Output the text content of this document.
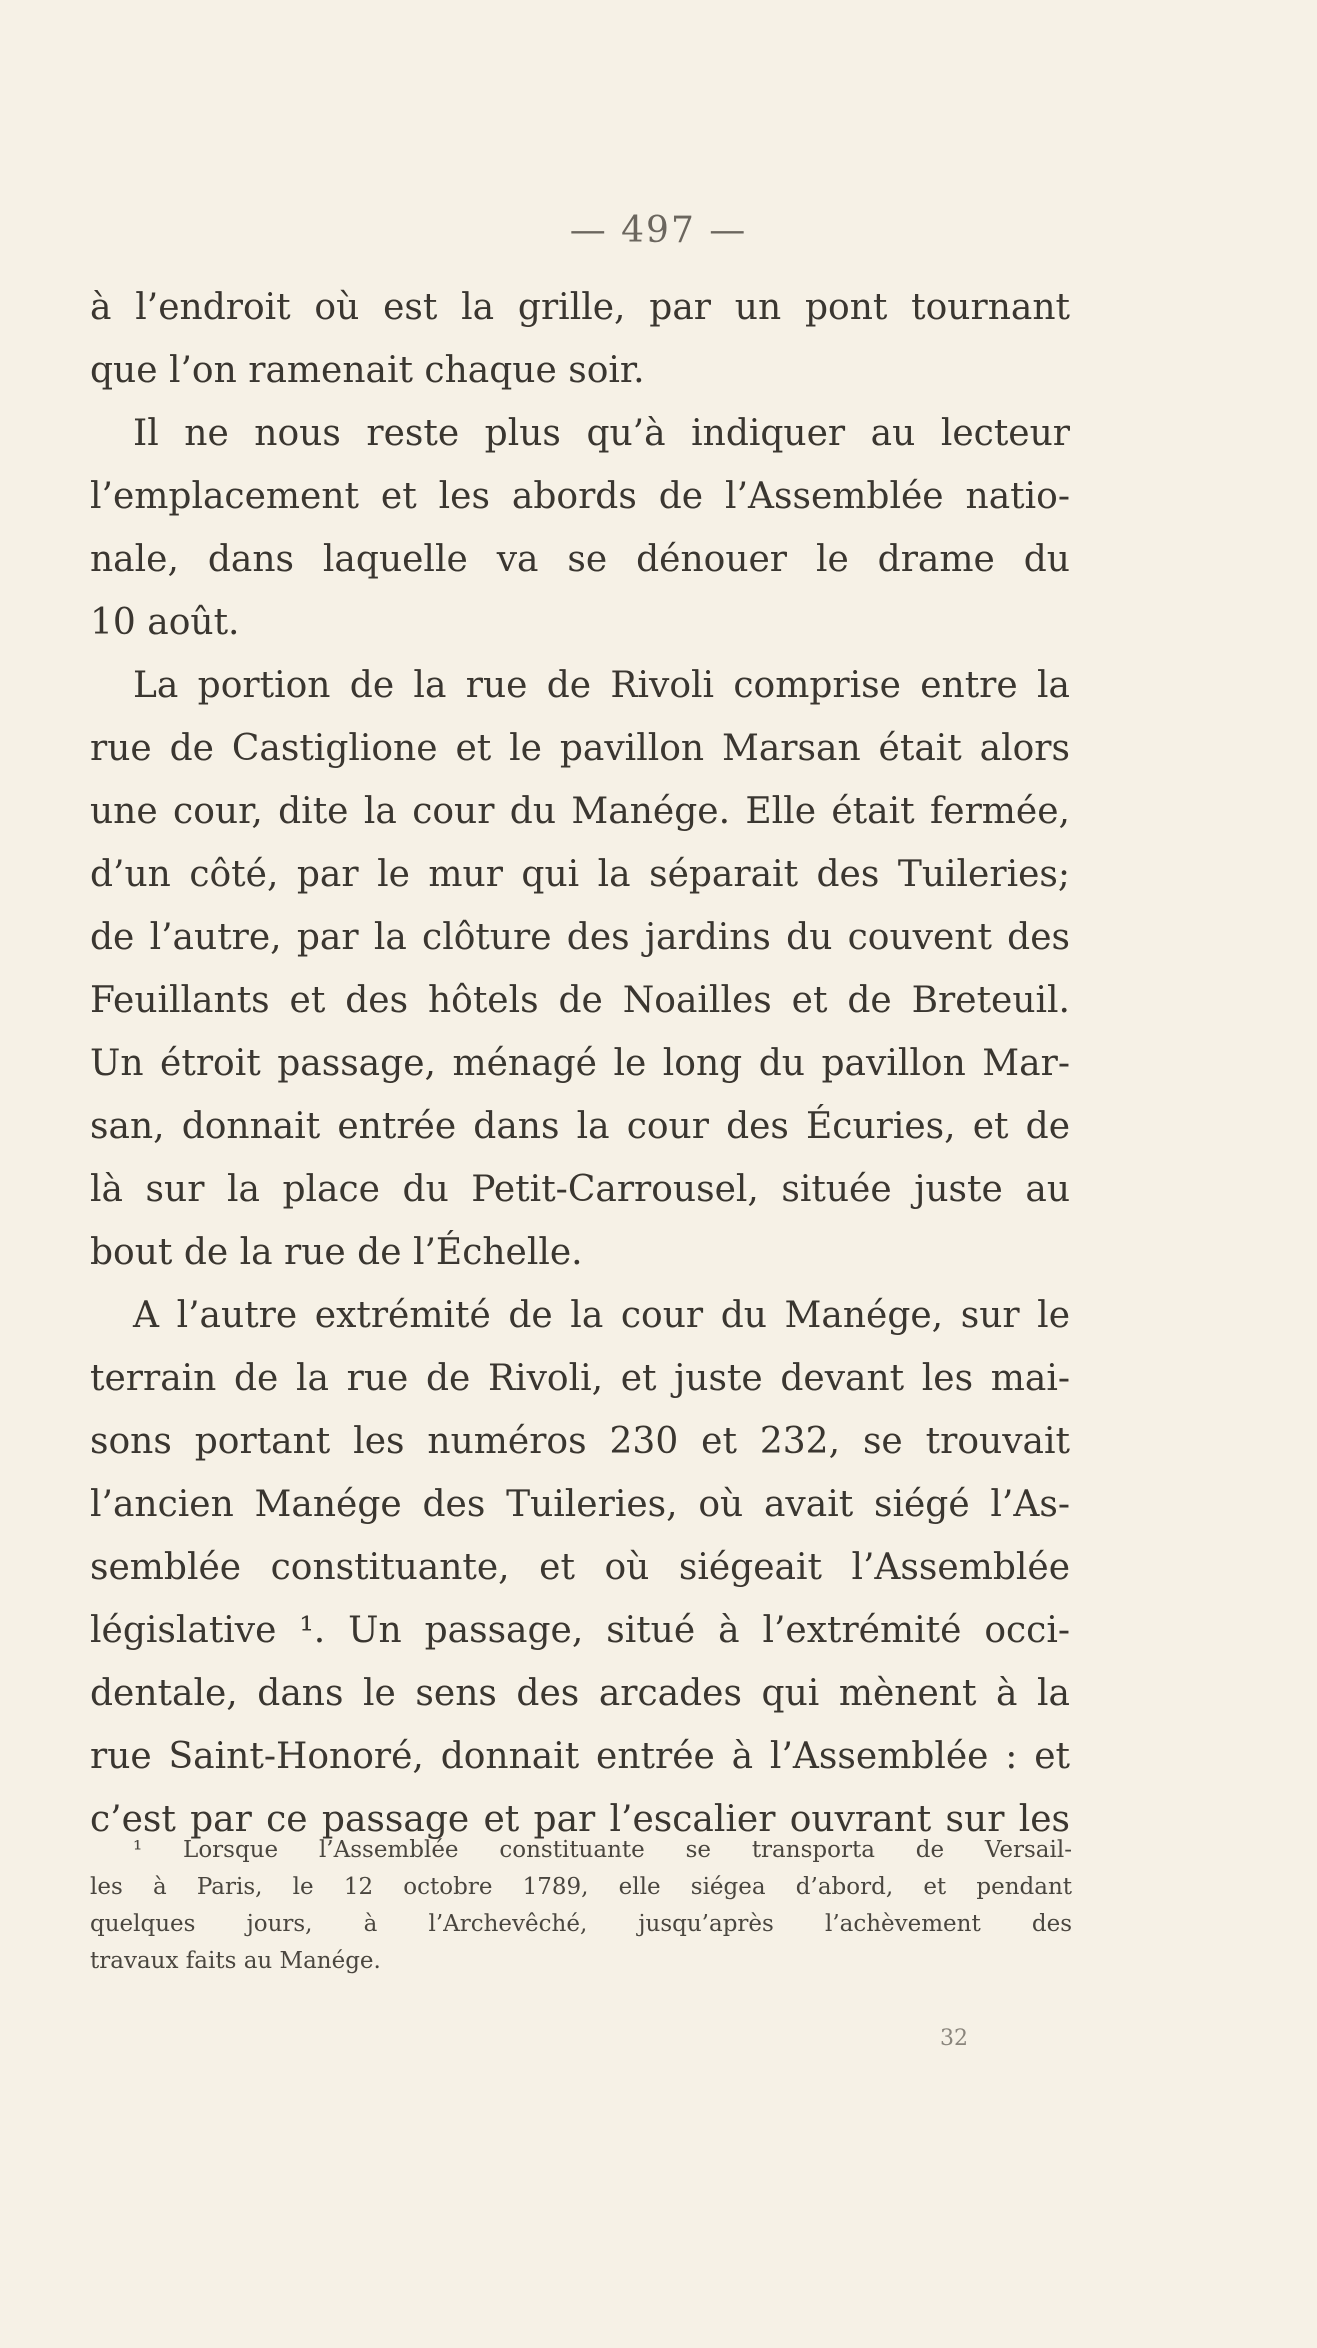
— 497 —

à l’endroit où est la grille, par un pont tournant
que l’on ramenait chaque soir.
Il ne nous reste plus qu’à indiquer au lecteur
l’emplacement et les abords de l’Assemblée natio-
nale, dans laquelle va se dénouer le drame du
10 août.
La portion de la rue de Rivoli comprise entre la
rue de Castiglione et le pavillon Marsan était alors
une cour, dite la cour du Manége. Elle était fermée,
d’un côté, par le mur qui la séparait des Tuileries;
de l’autre, par la clôture des jardins du couvent des
Feuillants et des hôtels de Noailles et de Breteuil.
Un étroit passage, ménagé le long du pavillon Mar-
san, donnait entrée dans la cour des Écuries, et de
là sur la place du Petit-Carrousel, située juste au
bout de la rue de l’Échelle.
A l’autre extrémité de la cour du Manége, sur le
terrain de la rue de Rivoli, et juste devant les mai-
sons portant les numéros 230 et 232, se trouvait
l’ancien Manége des Tuileries, où avait siégé l’As-
semblée constituante, et où siégeait l’Assemblée
législative ¹. Un passage, situé à l’extrémité occi-
dentale, dans le sens des arcades qui mènent à la
rue Saint-Honoré, donnait entrée à l’Assemblée : et
c’est par ce passage et par l’escalier ouvrant sur les
¹ Lorsque l’Assemblée constituante se transporta de Versail-
les à Paris, le 12 octobre 1789, elle siégea d’abord, et pendant
quelques jours, à l’Archevêché, jusqu’après l’achèvement des
travaux faits au Manége.

32
